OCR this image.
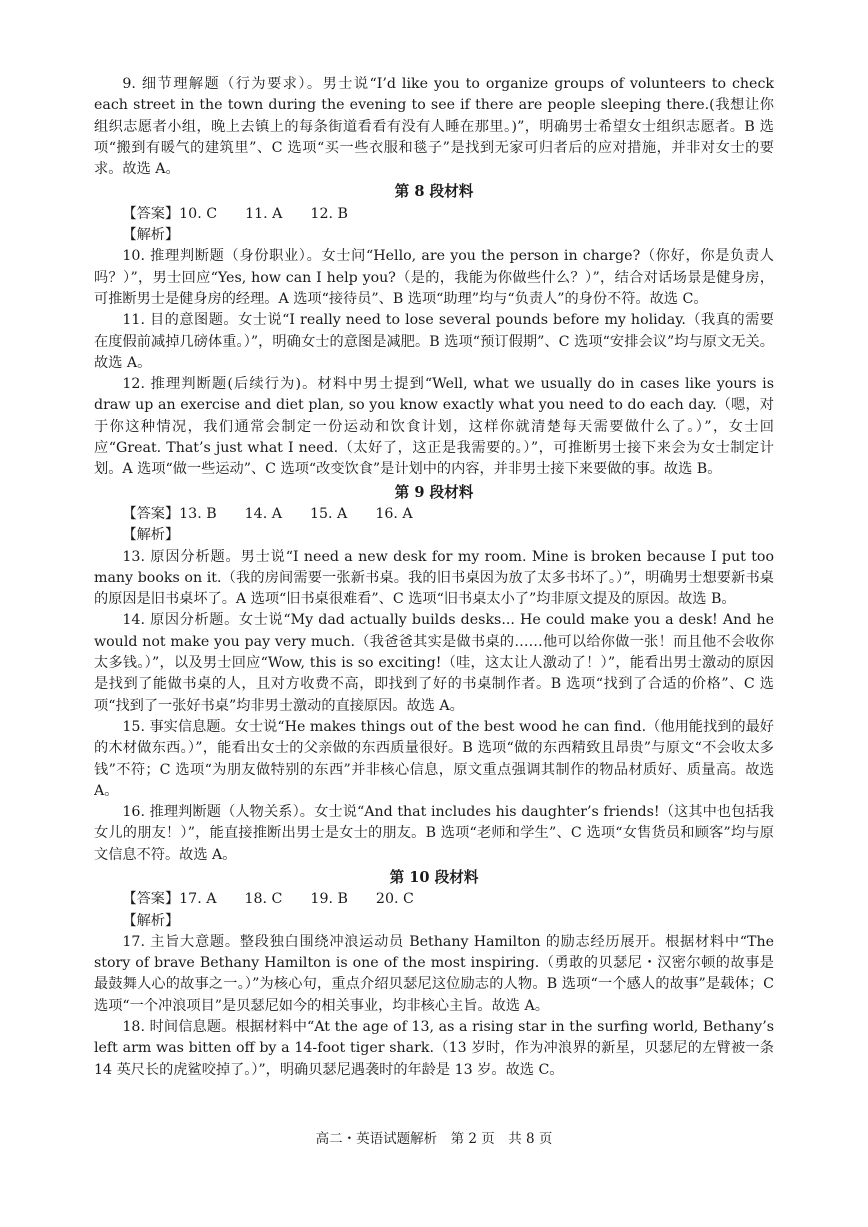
9. 细节理解题（行为要求）。男士说“I’d like you to organize groups of volunteers to check each street in the town during the evening to see if there are people sleeping there.(我想让你组织志愿者小组，晚上去镇上的每条街道看看有没有人睡在那里。)”，明确男士希望女士组织志愿者。B 选项“搬到有暖气的建筑里”、C 选项“买一些衣服和毯子”是找到无家可归者后的应对措施，并非对女士的要求。故选 A。

第 8 段材料
【答案】10. C 11. A 12. B
【解析】

10. 推理判断题（身份职业）。女士问“Hello, are you the person in charge?（你好，你是负责人吗？）”，男士回应“Yes, how can I help you?（是的，我能为你做些什么？）”，结合对话场景是健身房，可推断男士是健身房的经理。A 选项“接待员”、B 选项“助理”均与“负责人”的身份不符。故选 C。

11. 目的意图题。女士说“I really need to lose several pounds before my holiday.（我真的需要在度假前减掉几磅体重。）”，明确女士的意图是减肥。B 选项“预订假期”、C 选项“安排会议”均与原文无关。故选 A。

12. 推理判断题(后续行为)。材料中男士提到“Well, what we usually do in cases like yours is draw up an exercise and diet plan, so you know exactly what you need to do each day.（嗯，对于你这种情况，我们通常会制定一份运动和饮食计划，这样你就清楚每天需要做什么了。）”，女士回应“Great. That’s just what I need.（太好了，这正是我需要的。）”，可推断男士接下来会为女士制定计划。A 选项“做一些运动”、C 选项“改变饮食”是计划中的内容，并非男士接下来要做的事。故选 B。

第 9 段材料
【答案】13. B 14. A 15. A 16. A
【解析】

13. 原因分析题。男士说“I need a new desk for my room. Mine is broken because I put too many books on it.（我的房间需要一张新书桌。我的旧书桌因为放了太多书坏了。）”，明确男士想要新书桌的原因是旧书桌坏了。A 选项“旧书桌很难看”、C 选项“旧书桌太小了”均非原文提及的原因。故选 B。

14. 原因分析题。女士说“My dad actually builds desks... He could make you a desk! And he would not make you pay very much.（我爸爸其实是做书桌的……他可以给你做一张！而且他不会收你太多钱。）”，以及男士回应“Wow, this is so exciting!（哇，这太让人激动了！）”，能看出男士激动的原因是找到了能做书桌的人，且对方收费不高，即找到了好的书桌制作者。B 选项“找到了合适的价格”、C 选项“找到了一张好书桌”均非男士激动的直接原因。故选 A。

15. 事实信息题。女士说“He makes things out of the best wood he can find.（他用能找到的最好的木材做东西。）”，能看出女士的父亲做的东西质量很好。B 选项“做的东西精致且昂贵”与原文“不会收太多钱”不符；C 选项“为朋友做特别的东西”并非核心信息，原文重点强调其制作的物品材质好、质量高。故选 A。

16. 推理判断题（人物关系）。女士说“And that includes his daughter’s friends!（这其中也包括我女儿的朋友！）”，能直接推断出男士是女士的朋友。B 选项“老师和学生”、C 选项“女售货员和顾客”均与原文信息不符。故选 A。

第 10 段材料
【答案】17. A 18. C 19. B 20. C
【解析】

17. 主旨大意题。整段独白围绕冲浪运动员 Bethany Hamilton 的励志经历展开。根据材料中“The story of brave Bethany Hamilton is one of the most inspiring.（勇敢的贝瑟尼・汉密尔顿的故事是最鼓舞人心的故事之一。）”为核心句，重点介绍贝瑟尼这位励志的人物。B 选项“一个感人的故事”是载体；C 选项“一个冲浪项目”是贝瑟尼如今的相关事业，均非核心主旨。故选 A。

18. 时间信息题。根据材料中“At the age of 13, as a rising star in the surfing world, Bethany’s left arm was bitten off by a 14-foot tiger shark.（13 岁时，作为冲浪界的新星，贝瑟尼的左臂被一条 14 英尺长的虎鲨咬掉了。）”，明确贝瑟尼遇袭时的年龄是 13 岁。故选 C。

高二・英语试题解析　第 2 页　共 8 页
